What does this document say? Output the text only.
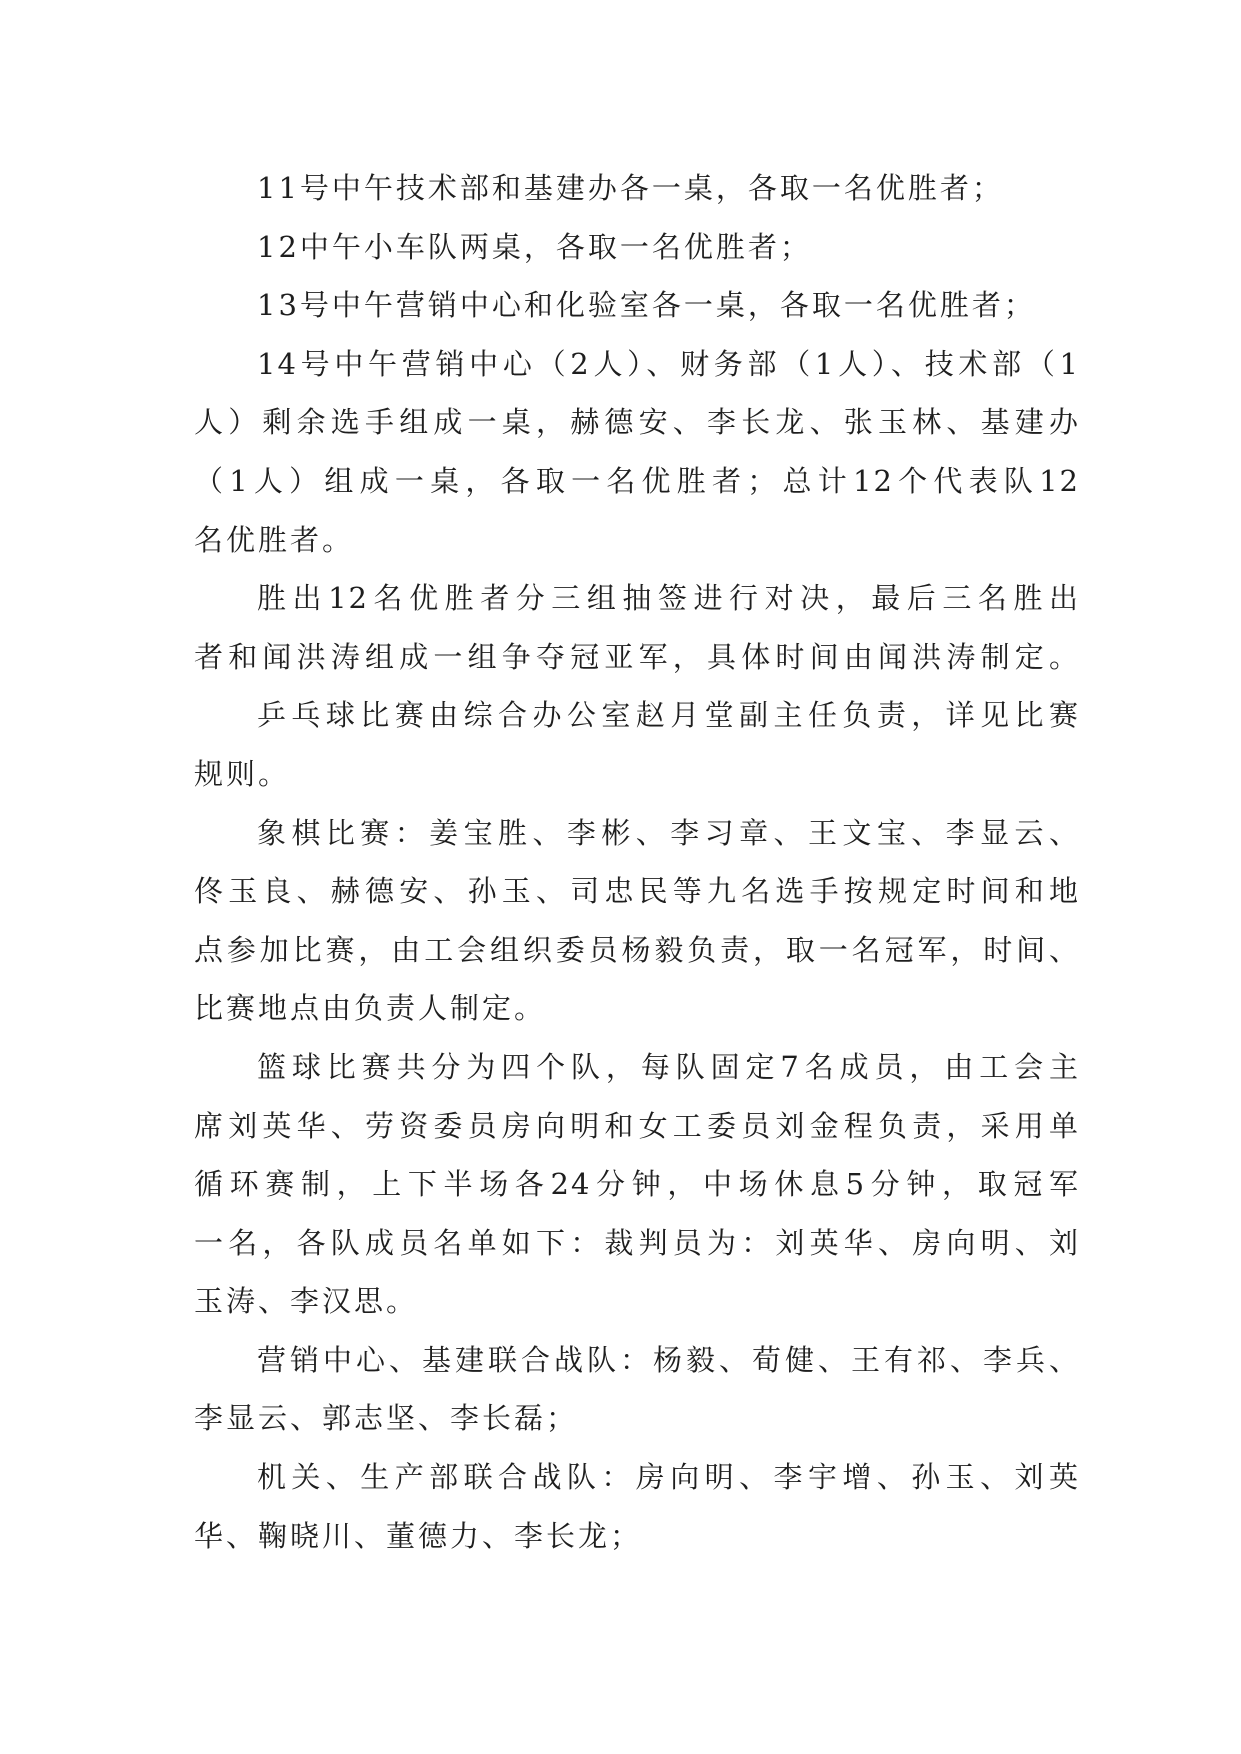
11号中午技术部和基建办各一桌，各取一名优胜者；
12中午小车队两桌，各取一名优胜者；
13号中午营销中心和化验室各一桌，各取一名优胜者；
14号中午营销中心（2人）、财务部（1人）、技术部（1
人）剩余选手组成一桌，赫德安、李长龙、张玉林、基建办
（1人）组成一桌，各取一名优胜者；总计12个代表队12
名优胜者。
胜出12名优胜者分三组抽签进行对决，最后三名胜出
者和闻洪涛组成一组争夺冠亚军，具体时间由闻洪涛制定。
乒乓球比赛由综合办公室赵月堂副主任负责，详见比赛
规则。
象棋比赛：姜宝胜、李彬、李习章、王文宝、李显云、
佟玉良、赫德安、孙玉、司忠民等九名选手按规定时间和地
点参加比赛，由工会组织委员杨毅负责，取一名冠军，时间、
比赛地点由负责人制定。
篮球比赛共分为四个队，每队固定7名成员，由工会主
席刘英华、劳资委员房向明和女工委员刘金程负责，采用单
循环赛制，上下半场各24分钟，中场休息5分钟，取冠军
一名，各队成员名单如下：裁判员为：刘英华、房向明、刘
玉涛、李汉思。
营销中心、基建联合战队：杨毅、荀健、王有祁、李兵、
李显云、郭志坚、李长磊；
机关、生产部联合战队：房向明、李宇增、孙玉、刘英
华、鞠晓川、董德力、李长龙；
